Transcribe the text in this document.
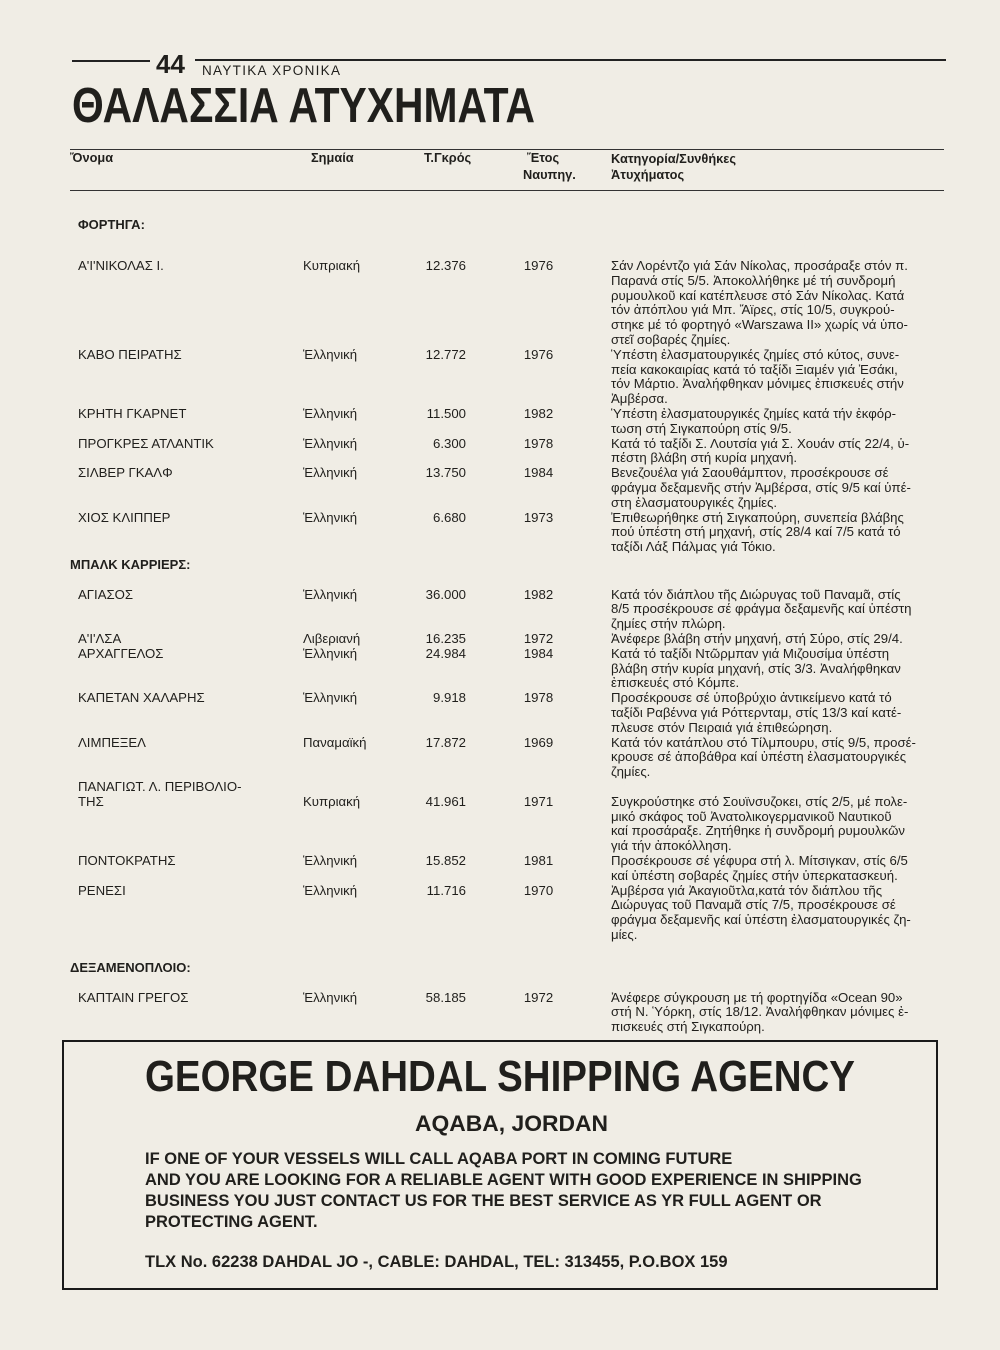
44 ΝΑΥΤΙΚΑ ΧΡΟΝΙΚΑ
ΘΑΛΑΣΣΙΑ ΑΤΥΧΗΜΑΤΑ
Ὄνομα	Σημαία	Τ.Γκρός	Ἔτος
Ναυπηγ.
Κατηγορία/Συνθήκες
Ἀτυχήματος
ΦΟΡΤΗΓΑ:
Α'Ι'ΝΙΚΟΛΑΣ Ι.	Κυπριακή	12.376	1976	Σάν Λορέντζο γιά Σάν Νίκολας, προσάραξε στόν π.
Παρανά στίς 5/5. Ἀποκολλήθηκε μέ τή συνδρομή
ρυμουλκοῦ καί κατέπλευσε στό Σάν Νίκολας. Κατά
τόν ἀπόπλου γιά Μπ. Ἄϊρες, στίς 10/5, συγκρού-
στηκε μέ τό φορτηγό «Warszawa II» χωρίς νά ὑπο-
στεῖ σοβαρές ζημίες.
ΚΑΒΟ ΠΕΙΡΑΤΗΣ	Ἑλληνική	12.772	1976	Ὑπέστη ἐλασματουργικές ζημίες στό κύτος, συνε-
πεία κακοκαιρίας κατά τό ταξίδι Ξιαμέν γιά Ἐσάκι,
τόν Μάρτιο. Ἀναλήφθηκαν μόνιμες ἐπισκευές στήν
Ἀμβέρσα.
ΚΡΗΤΗ ΓΚΑΡΝΕΤ	Ἑλληνική	11.500	1982	Ὑπέστη ἐλασματουργικές ζημίες κατά τήν ἐκφόρ-
τωση στή Σιγκαπούρη στίς 9/5.
ΠΡΟΓΚΡΕΣ ΑΤΛΑΝΤΙΚ	Ἑλληνική	6.300	1978	Κατά τό ταξίδι Σ. Λουτσία γιά Σ. Χουάν στίς 22/4, ὑ-
πέστη βλάβη στή κυρία μηχανή.
ΣΙΛΒΕΡ ΓΚΑΛΦ	Ἑλληνική	13.750	1984	Βενεζουέλα γιά Σαουθάμπτον, προσέκρουσε σέ
φράγμα δεξαμενῆς στήν Ἀμβέρσα, στίς 9/5 καί ὑπέ-
στη ἐλασματουργικές ζημίες.
ΧΙΟΣ ΚΛΙΠΠΕΡ	Ἑλληνική	6.680	1973	Ἐπιθεωρήθηκε στή Σιγκαπούρη, συνεπεία βλάβης
πού ὑπέστη στή μηχανή, στίς 28/4 καί 7/5 κατά τό
ταξίδι Λάξ Πάλμας γιά Τόκιο.
ΜΠΑΛΚ ΚΑΡΡΙΕΡΣ:
ΑΓΙΑΣΟΣ	Ἑλληνική	36.000	1982	Κατά τόν διάπλου τῆς Διώρυγας τοῦ Παναμᾶ, στίς
8/5 προσέκρουσε σέ φράγμα δεξαμενῆς καί ὑπέστη
ζημίες στήν πλώρη.
Α'Ι'ΛΣΑ	Λιβεριανή	16.235	1972	Ἀνέφερε βλάβη στήν μηχανή, στή Σύρο, στίς 29/4.
ΑΡΧΑΓΓΕΛΟΣ	Ἑλληνική	24.984	1984	Κατά τό ταξίδι Ντῶρμπαν γιά Μιζουσίμα ὑπέστη
βλάβη στήν κυρία μηχανή, στίς 3/3. Ἀναλήφθηκαν
ἐπισκευές στό Κόμπε.
ΚΑΠΕΤΑΝ ΧΑΛΑΡΗΣ	Ἑλληνική	9.918	1978	Προσέκρουσε σέ ὑποβρύχιο ἀντικείμενο κατά τό
ταξίδι Ραβέννα γιά Ρόττερνταμ, στίς 13/3 καί κατέ-
πλευσε στόν Πειραιά γιά ἐπιθεώρηση.
ΛΙΜΠΕΞΕΛ	Παναμαϊκή	17.872	1969	Κατά τόν κατάπλου στό Τίλμπουρυ, στίς 9/5, προσέ-
κρουσε σέ ἀποβάθρα καί ὑπέστη ἐλασματουργικές
ζημίες.
ΠΑΝΑΓΙΩΤ. Λ. ΠΕΡΙΒΟΛΙΟ-
ΤΗΣ	Κυπριακή	41.961	1971	Συγκρούστηκε στό Σουϊνσυζοκει, στίς 2/5, μέ πολε-
μικό σκάφος τοῦ Ἀνατολικογερμανικοῦ Ναυτικοῦ
καί προσάραξε. Ζητήθηκε ἡ συνδρομή ρυμουλκῶν
γιά τήν ἀποκόλληση.
ΠΟΝΤΟΚΡΑΤΗΣ	Ἑλληνική	15.852	1981	Προσέκρουσε σέ γέφυρα στή λ. Μίτσιγκαν, στίς 6/5
καί ὑπέστη σοβαρές ζημίες στήν ὑπερκατασκευή.
ΡΕΝΕΣΙ	Ἑλληνική	11.716	1970	Ἀμβέρσα γιά Ἀκαγιοῦτλα,κατά τόν διάπλου τῆς
Διώρυγας τοῦ Παναμᾶ στίς 7/5, προσέκρουσε σέ
φράγμα δεξαμενῆς καί ὑπέστη ἐλασματουργικές ζη-
μίες.
ΔΕΞΑΜΕΝΟΠΛΟΙΟ:
ΚΑΠΤΑΙΝ ΓΡΕΓΟΣ	Ἑλληνική	58.185	1972	Ἀνέφερε σύγκρουση με τή φορτηγίδα «Ocean 90»
στή Ν. Ὑόρκη, στίς 18/12. Ἀναλήφθηκαν μόνιμες ἐ-
πισκευές στή Σιγκαπούρη.
GEORGE DAHDAL SHIPPING AGENCY
AQABA, JORDAN
IF ONE OF YOUR VESSELS WILL CALL AQABA PORT IN COMING FUTURE
AND YOU ARE LOOKING FOR A RELIABLE AGENT WITH GOOD EXPERIENCE IN SHIPPING
BUSINESS YOU JUST CONTACT US FOR THE BEST SERVICE AS YR FULL AGENT OR
PROTECTING AGENT.
TLX No. 62238 DAHDAL JO -, CABLE: DAHDAL, TEL: 313455, P.O.BOX 159
